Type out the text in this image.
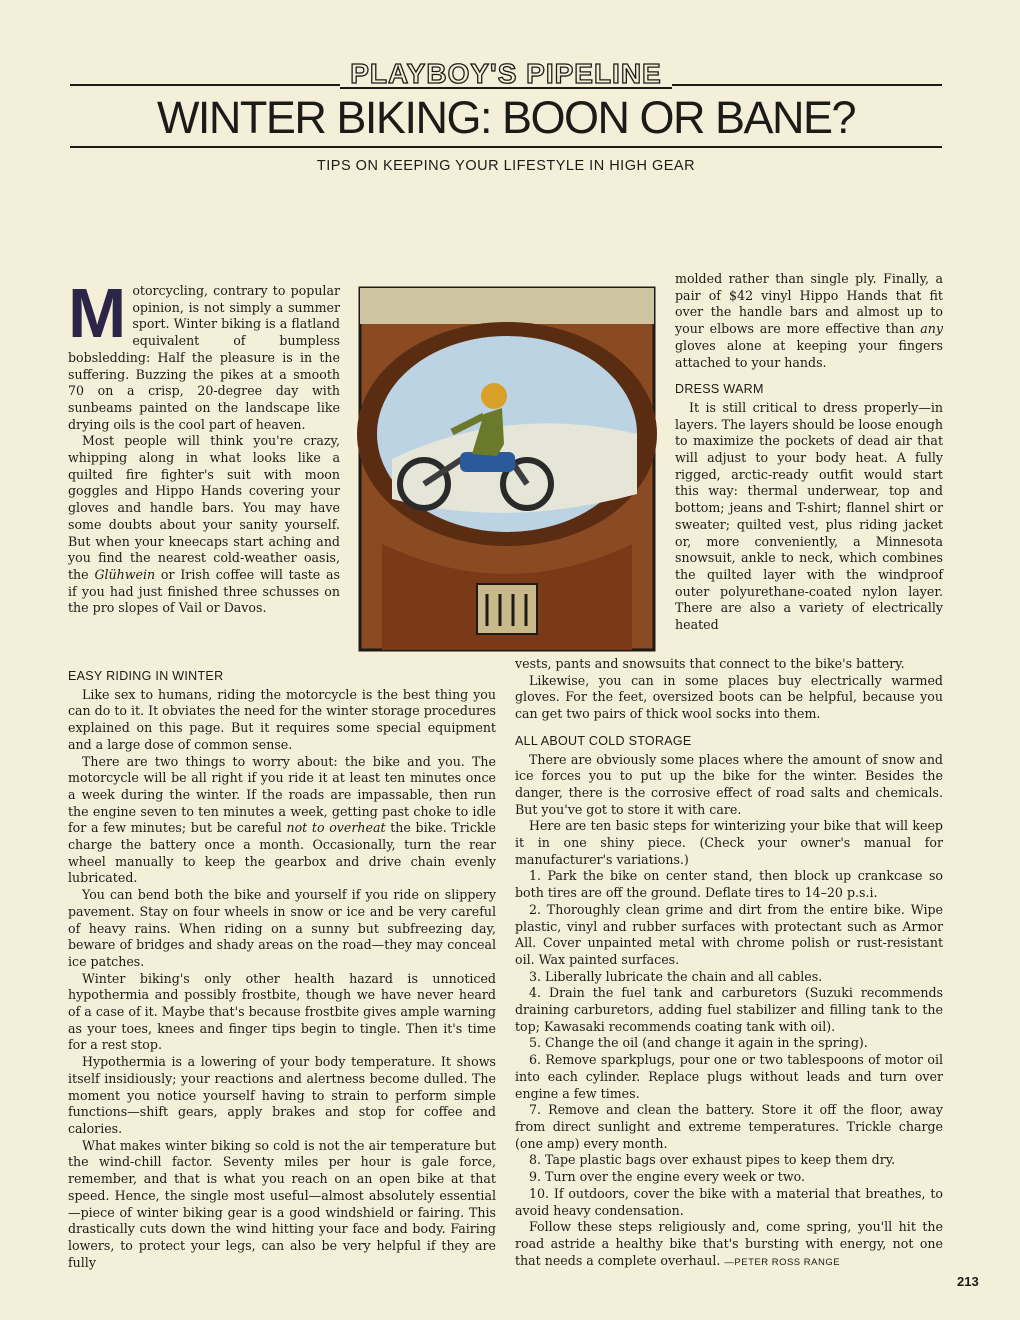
PLAYBOY'S PIPELINE
WINTER BIKING: BOON OR BANE?
TIPS ON KEEPING YOUR LIFESTYLE IN HIGH GEAR

Motorcycling, contrary to popular opinion, is not simply a summer sport. Winter biking is a flatland equivalent of bumpless bobsledding: Half the pleasure is in the suffering. Buzzing the pikes at a smooth 70 on a crisp, 20-degree day with sunbeams painted on the landscape like drying oils is the cool part of heaven.

Most people will think you're crazy, whipping along in what looks like a quilted fire fighter's suit with moon goggles and Hippo Hands covering your gloves and handle bars. You may have some doubts about your sanity yourself. But when your kneecaps start aching and you find the nearest cold-weather oasis, the Glühwein or Irish coffee will taste as if you had just finished three schusses on the pro slopes of Vail or Davos.

molded rather than single ply. Finally, a pair of $42 vinyl Hippo Hands that fit over the handle bars and almost up to your elbows are more effective than any gloves alone at keeping your fingers attached to your hands.

DRESS WARM

It is still critical to dress properly—in layers. The layers should be loose enough to maximize the pockets of dead air that will adjust to your body heat. A fully rigged, arctic-ready outfit would start this way: thermal underwear, top and bottom; jeans and T-shirt; flannel shirt or sweater; quilted vest, plus riding jacket or, more conveniently, a Minnesota snowsuit, ankle to neck, which combines the quilted layer with the windproof outer polyurethane-coated nylon layer. There are also a variety of electrically heated

EASY RIDING IN WINTER

Like sex to humans, riding the motorcycle is the best thing you can do to it. It obviates the need for the winter storage procedures explained on this page. But it requires some special equipment and a large dose of common sense.

There are two things to worry about: the bike and you. The motorcycle will be all right if you ride it at least ten minutes once a week during the winter. If the roads are impassable, then run the engine seven to ten minutes a week, getting past choke to idle for a few minutes; but be careful not to overheat the bike. Trickle charge the battery once a month. Occasionally, turn the rear wheel manually to keep the gearbox and drive chain evenly lubricated.

You can bend both the bike and yourself if you ride on slippery pavement. Stay on four wheels in snow or ice and be very careful of heavy rains. When riding on a sunny but subfreezing day, beware of bridges and shady areas on the road—they may conceal ice patches.

Winter biking's only other health hazard is unnoticed hypothermia and possibly frostbite, though we have never heard of a case of it. Maybe that's because frostbite gives ample warning as your toes, knees and finger tips begin to tingle. Then it's time for a rest stop.

Hypothermia is a lowering of your body temperature. It shows itself insidiously; your reactions and alertness become dulled. The moment you notice yourself having to strain to perform simple functions—shift gears, apply brakes and stop for coffee and calories.

What makes winter biking so cold is not the air temperature but the wind-chill factor. Seventy miles per hour is gale force, remember, and that is what you reach on an open bike at that speed. Hence, the single most useful—almost absolutely essential—piece of winter biking gear is a good windshield or fairing. This drastically cuts down the wind hitting your face and body. Fairing lowers, to protect your legs, can also be very helpful if they are fully

vests, pants and snowsuits that connect to the bike's battery.

Likewise, you can in some places buy electrically warmed gloves. For the feet, oversized boots can be helpful, because you can get two pairs of thick wool socks into them.

ALL ABOUT COLD STORAGE

There are obviously some places where the amount of snow and ice forces you to put up the bike for the winter. Besides the danger, there is the corrosive effect of road salts and chemicals. But you've got to store it with care.

Here are ten basic steps for winterizing your bike that will keep it in one shiny piece. (Check your owner's manual for manufacturer's variations.)

1. Park the bike on center stand, then block up crankcase so both tires are off the ground. Deflate tires to 14–20 p.s.i.

2. Thoroughly clean grime and dirt from the entire bike. Wipe plastic, vinyl and rubber surfaces with protectant such as Armor All. Cover unpainted metal with chrome polish or rust-resistant oil. Wax painted surfaces.

3. Liberally lubricate the chain and all cables.

4. Drain the fuel tank and carburetors (Suzuki recommends draining carburetors, adding fuel stabilizer and filling tank to the top; Kawasaki recommends coating tank with oil).

5. Change the oil (and change it again in the spring).

6. Remove sparkplugs, pour one or two tablespoons of motor oil into each cylinder. Replace plugs without leads and turn over engine a few times.

7. Remove and clean the battery. Store it off the floor, away from direct sunlight and extreme temperatures. Trickle charge (one amp) every month.

8. Tape plastic bags over exhaust pipes to keep them dry.

9. Turn over the engine every week or two.

10. If outdoors, cover the bike with a material that breathes, to avoid heavy condensation.

Follow these steps religiously and, come spring, you'll hit the road astride a healthy bike that's bursting with energy, not one that needs a complete overhaul. —PETER ROSS RANGE

213
